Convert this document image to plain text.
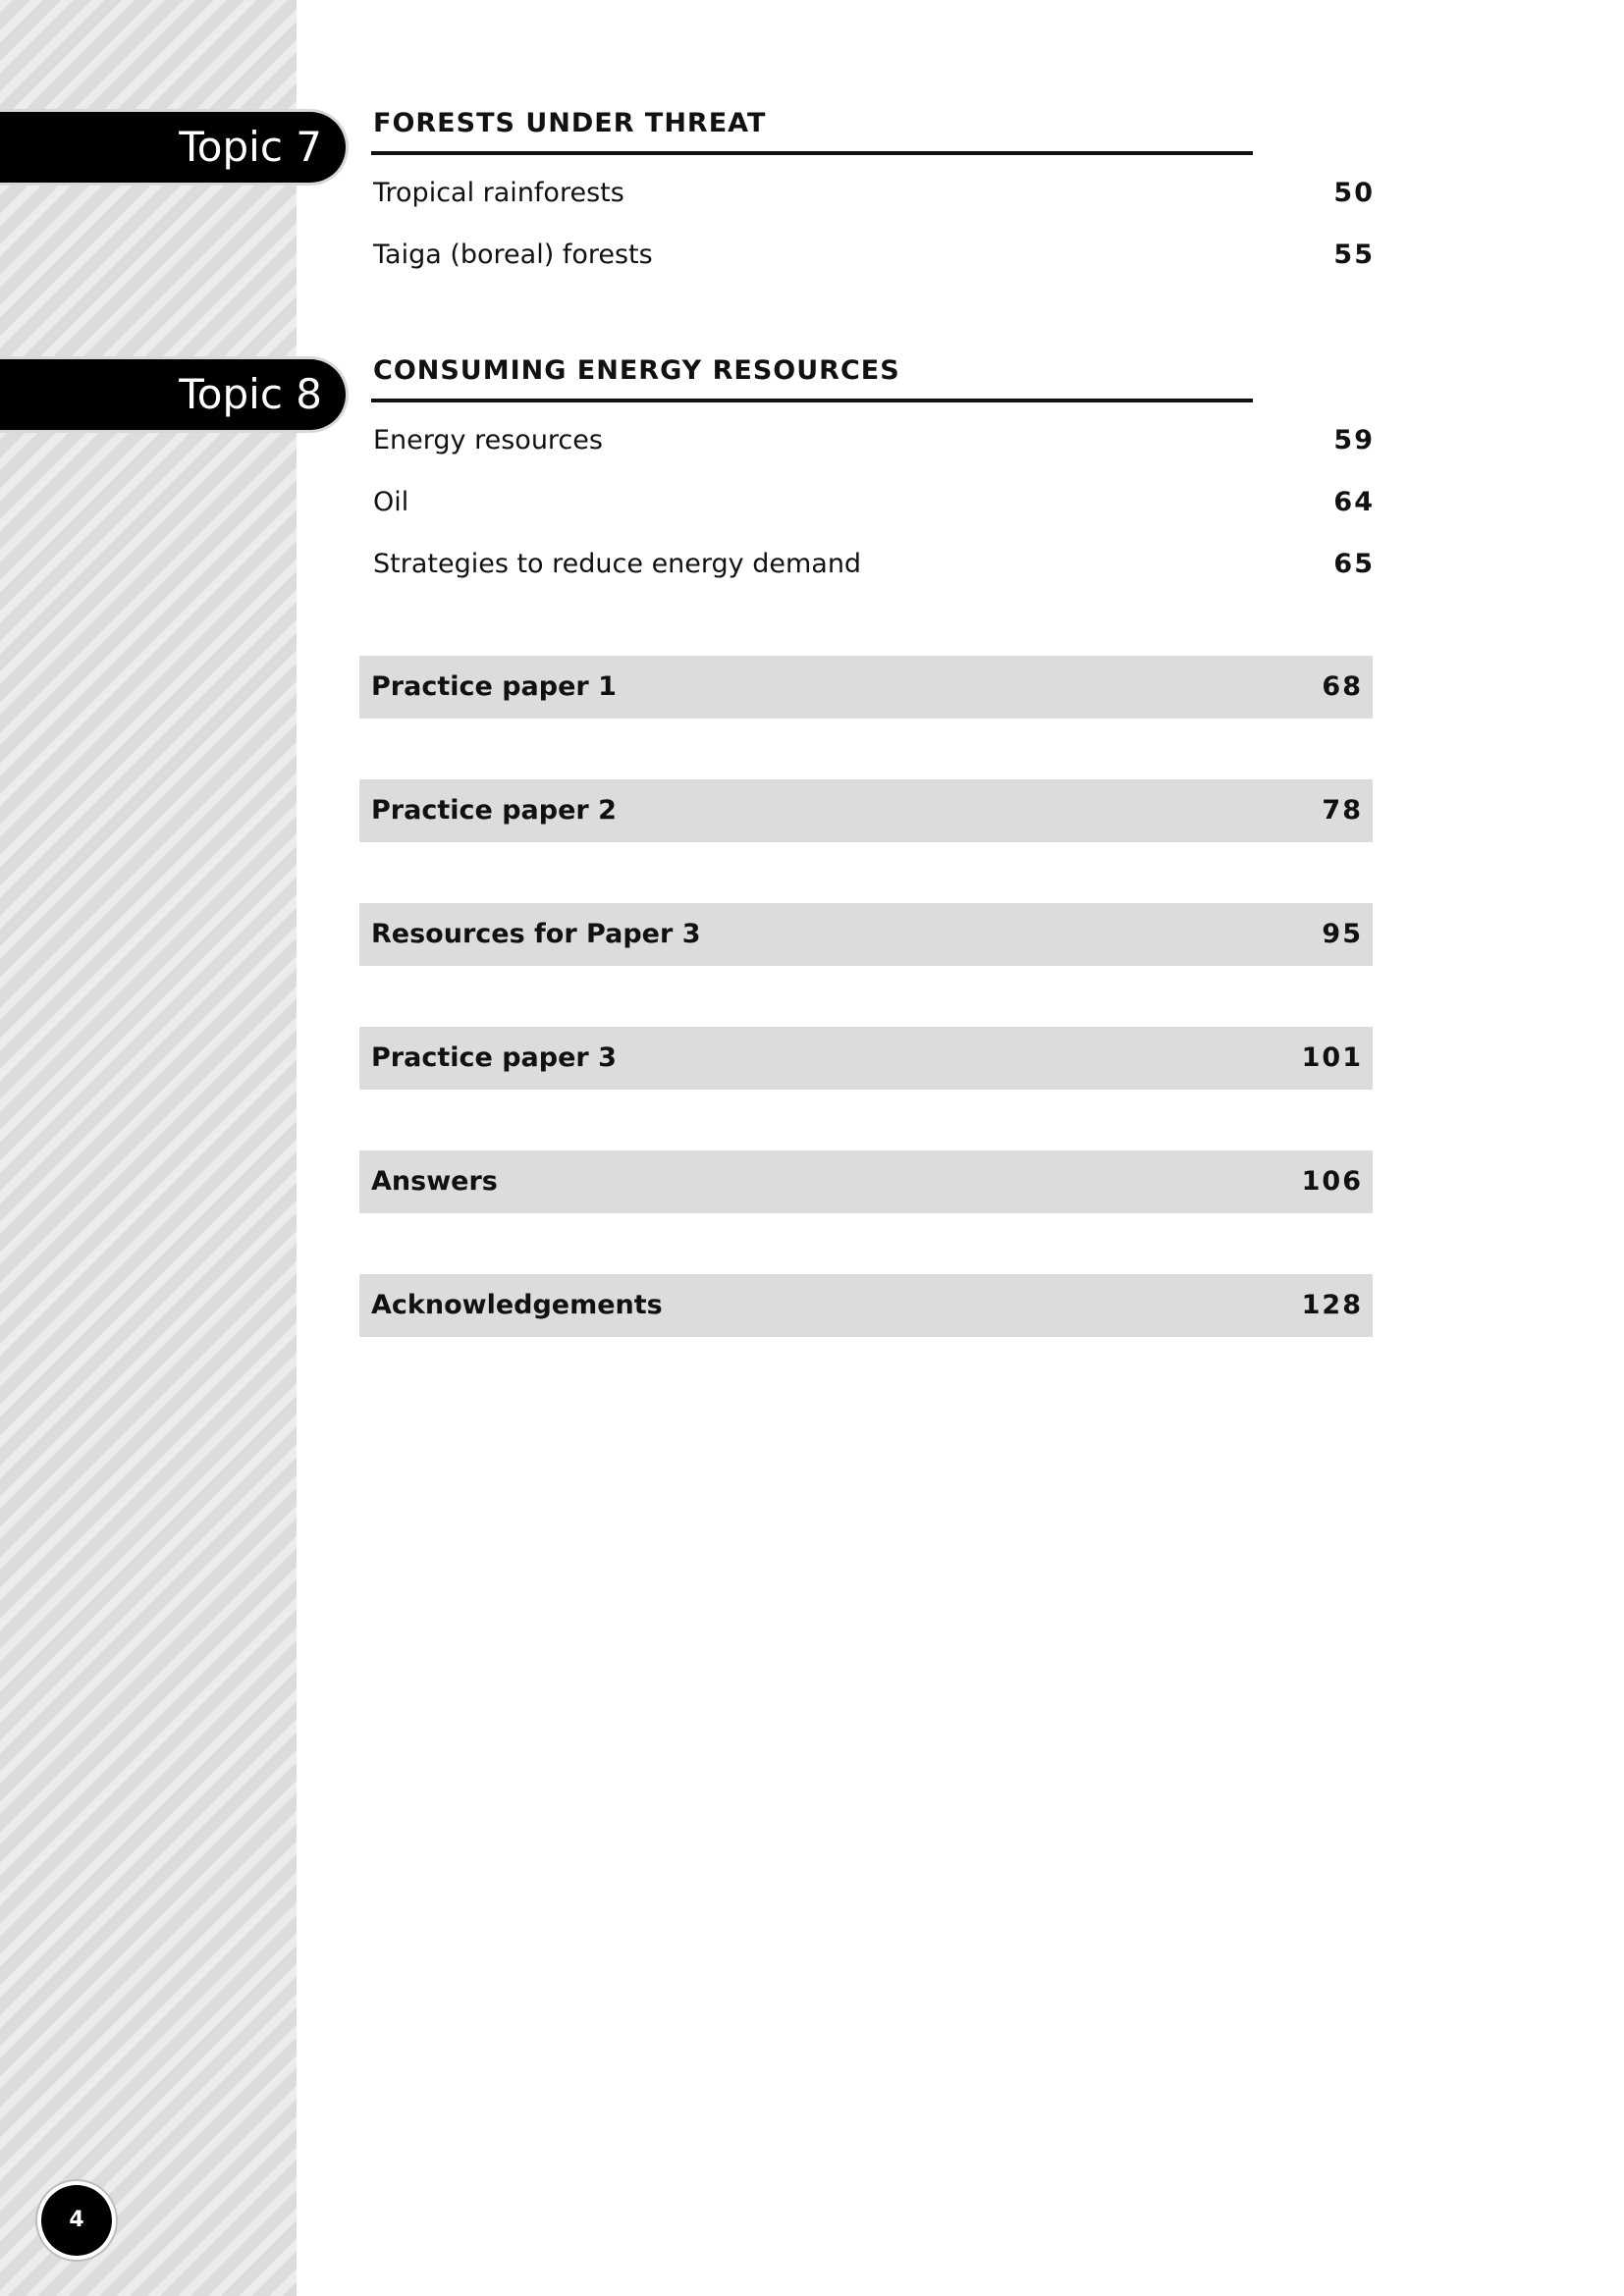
Topic 7 FORESTS UNDER THREAT
Tropical rainforests	50
Taiga (boreal) forests	55
Topic 8 CONSUMING ENERGY RESOURCES
Energy resources	59
Oil	64
Strategies to reduce energy demand	65
Practice paper 1	68
Practice paper 2	78
Resources for Paper 3	95
Practice paper 3	101
Answers	106
Acknowledgements	128
4
